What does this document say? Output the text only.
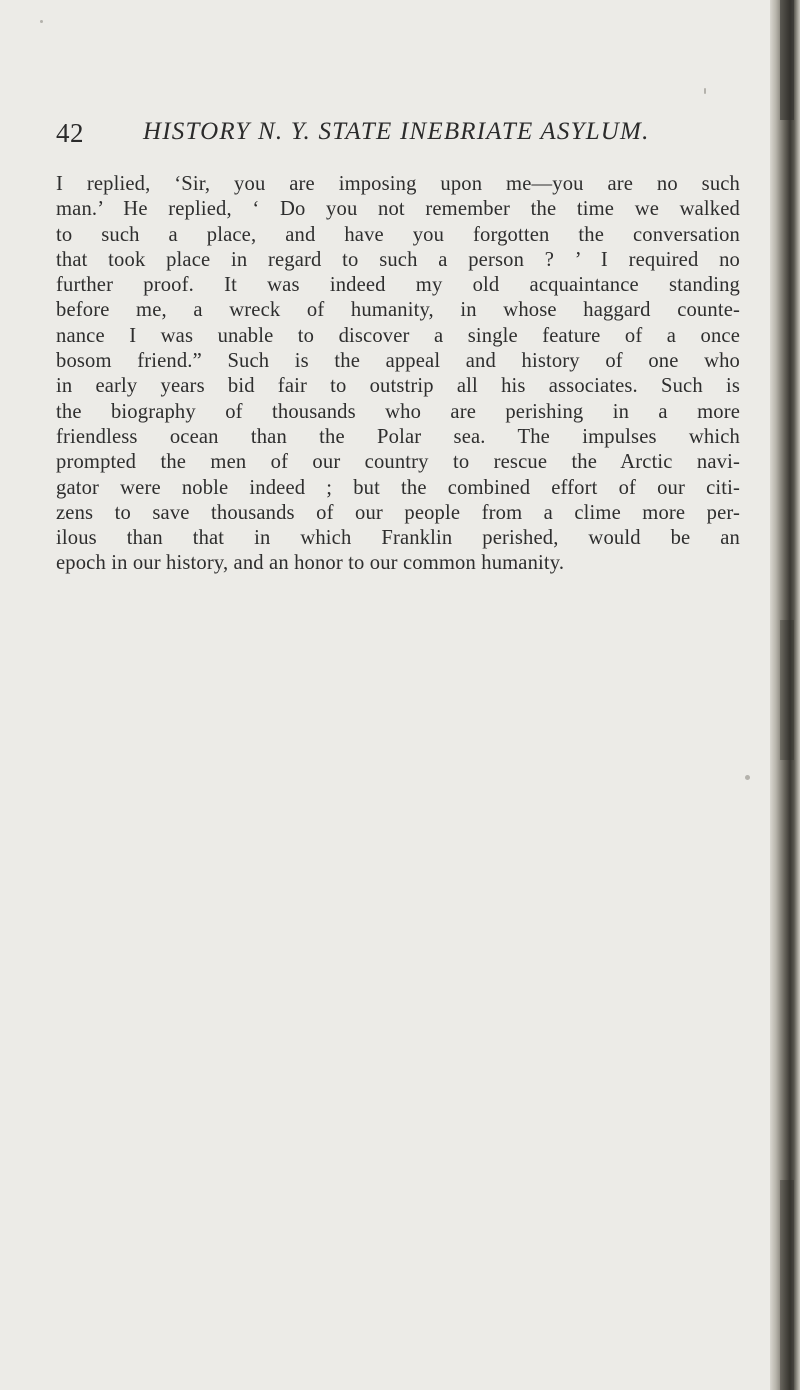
42 HISTORY N. Y. STATE INEBRIATE ASYLUM.
I replied, ‘Sir, you are imposing upon me—you are no such
man.’ He replied, ‘ Do you not remember the time we walked
to such a place, and have you forgotten the conversation
that took place in regard to such a person ? ’ I required no
further proof. It was indeed my old acquaintance standing
before me, a wreck of humanity, in whose haggard counte-
nance I was unable to discover a single feature of a once
bosom friend.” Such is the appeal and history of one who
in early years bid fair to outstrip all his associates. Such is
the biography of thousands who are perishing in a more
friendless ocean than the Polar sea. The impulses which
prompted the men of our country to rescue the Arctic navi-
gator were noble indeed ; but the combined effort of our citi-
zens to save thousands of our people from a clime more per-
ilous than that in which Franklin perished, would be an
epoch in our history, and an honor to our common humanity.
